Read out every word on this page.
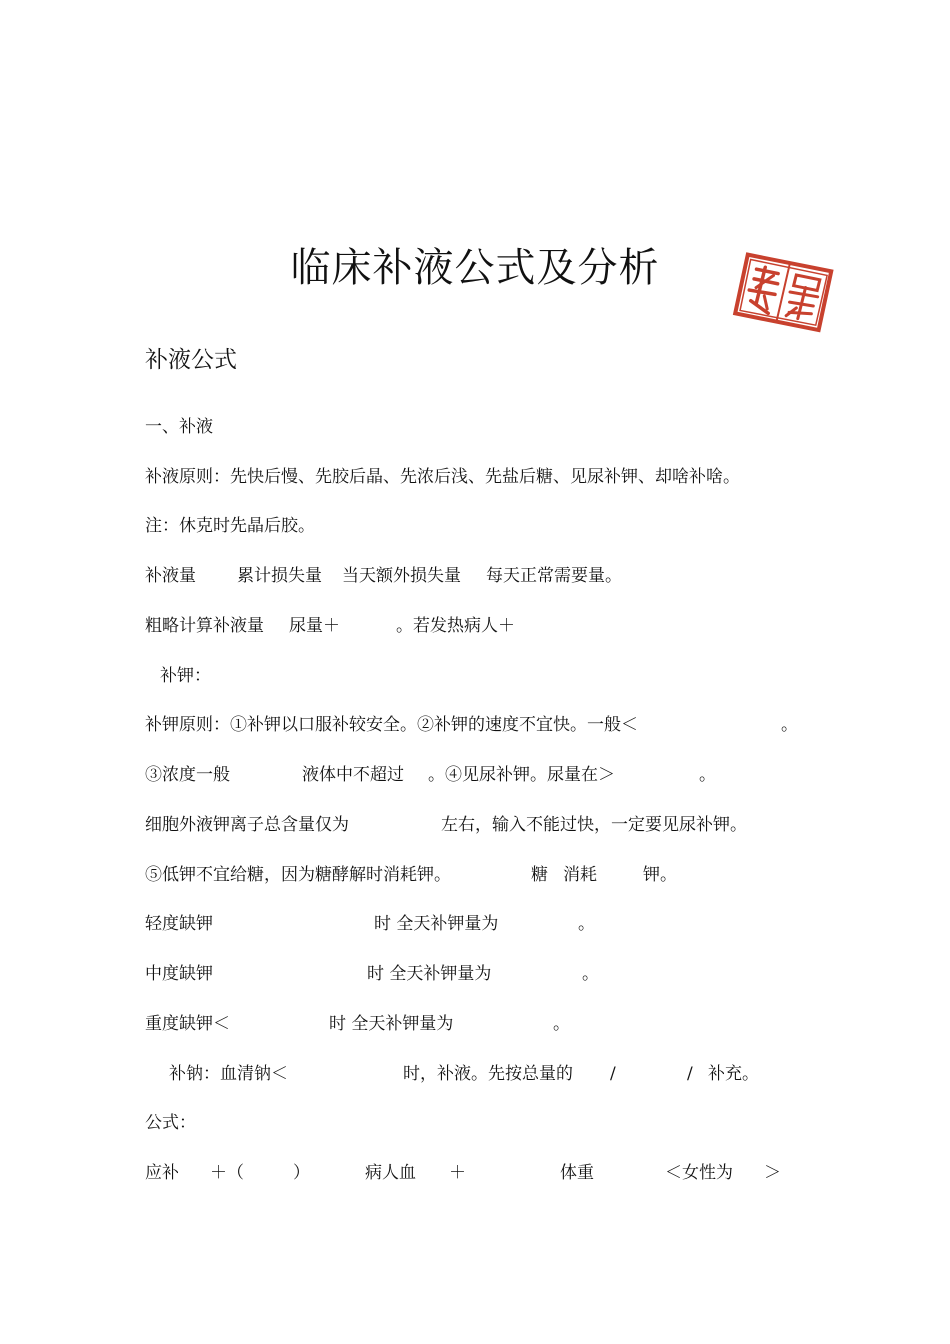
临床补液公式及分析
补液公式
一、补液
补液原则：先快后慢、先胶后晶、先浓后浅、先盐后糖、见尿补钾、却啥补啥。
注：休克时先晶后胶。
补液量 累计损失量 当天额外损失量 每天正常需要量。
粗略计算补液量 尿量＋	。若发热病人＋
补钾：
补钾原则：①补钾以口服补较安全。②补钾的速度不宜快。一般＜	。
③浓度一般	液体中不超过 。④见尿补钾。尿量在＞	。
细胞外液钾离子总含量仅为	左右，输入不能过快，一定要见尿补钾。
⑤低钾不宜给糖，因为糖酵解时消耗钾。	糖 消耗	钾。
轻度缺钾	时 全天补钾量为	。
中度缺钾	时 全天补钾量为	。
重度缺钾＜	时 全天补钾量为	。
补钠：血清钠＜	时，补液。先按总量的 /	/ 补充。
公式：
应补 ＋（	）	病人血 ＋	体重	＜女性为 ＞
